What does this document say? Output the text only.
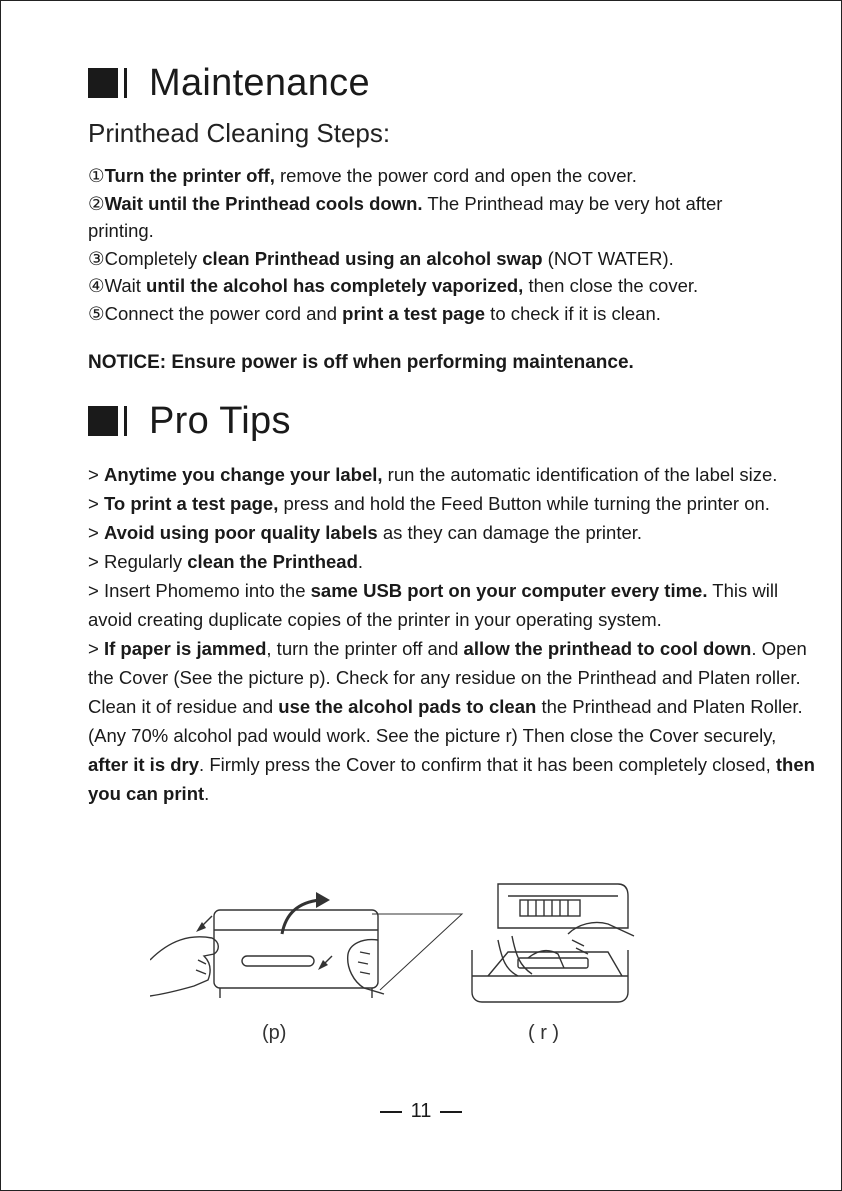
Maintenance
Printhead Cleaning Steps:

①Turn the printer off, remove the power cord and open the cover.

②Wait until the Printhead cools down. The Printhead may be very hot after printing.

③Completely clean Printhead using an alcohol swap (NOT WATER).

④Wait until the alcohol has completely vaporized, then close the cover.

⑤Connect the power cord and print a test page to check if it is clean.

NOTICE: Ensure power is off when performing maintenance.
Pro Tips

> Anytime you change your label, run the automatic identification of the label size.

> To print a test page, press and hold the Feed Button while turning the printer on.

> Avoid using poor quality labels as they can damage the printer.

> Regularly clean the Printhead.

> Insert Phomemo into the same USB port on your computer every time. This will avoid creating duplicate copies of the printer in your operating system.

> If paper is jammed, turn the printer off and allow the printhead to cool down. Open the Cover (See the picture p). Check for any residue on the Printhead and Platen roller. Clean it of residue and use the alcohol pads to clean the Printhead and Platen Roller.(Any 70% alcohol pad would work. See the picture r) Then close the Cover securely, after it is dry. Firmly press the Cover to confirm that it has been completely closed, then you can print.

(p)	( r )
11
